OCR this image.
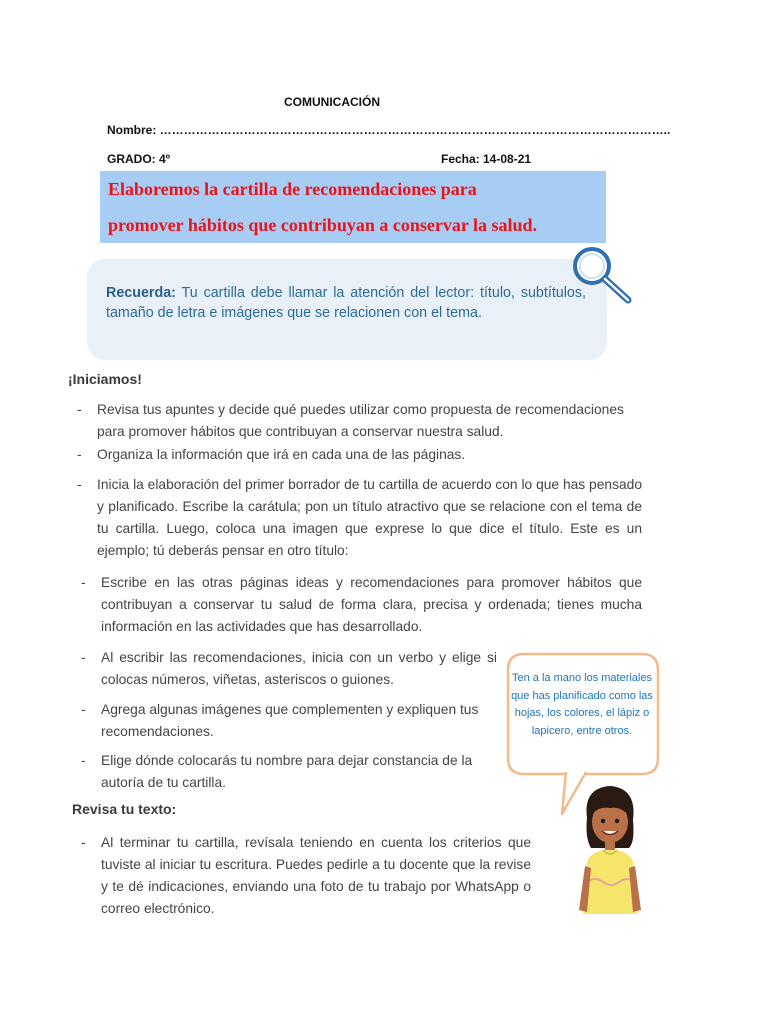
COMUNICACIÓN
Nombre: ………………………………………………………………………………………………………………..
GRADO: 4º	Fecha: 14-08-21
Elaboremos la cartilla de recomendaciones para
promover hábitos que contribuyan a conservar la salud.
Recuerda: Tu cartilla debe llamar la atención del lector: título, subtítulos, tamaño de letra e imágenes que se relacionen con el tema.
¡Iniciamos!
- Revisa tus apuntes y decide qué puedes utilizar como propuesta de recomendaciones para promover hábitos que contribuyan a conservar nuestra salud.
- Organiza la información que irá en cada una de las páginas.
- Inicia la elaboración del primer borrador de tu cartilla de acuerdo con lo que has pensado y planificado. Escribe la carátula; pon un título atractivo que se relacione con el tema de tu cartilla. Luego, coloca una imagen que exprese lo que dice el título. Este es un ejemplo; tú deberás pensar en otro título:
- Escribe en las otras páginas ideas y recomendaciones para promover hábitos que contribuyan a conservar tu salud de forma clara, precisa y ordenada; tienes mucha información en las actividades que has desarrollado.
- Al escribir las recomendaciones, inicia con un verbo y elige si colocas números, viñetas, asteriscos o guiones.
- Agrega algunas imágenes que complementen y expliquen tus recomendaciones.
- Elige dónde colocarás tu nombre para dejar constancia de la autoría de tu cartilla.
Revisa tu texto:
- Al terminar tu cartilla, revísala teniendo en cuenta los criterios que tuviste al iniciar tu escritura. Puedes pedirle a tu docente que la revise y te dé indicaciones, enviando una foto de tu trabajo por WhatsApp o correo electrónico.
Ten a la mano los materiales que has planificado como las hojas, los colores, el lápiz o lapicero, entre otros.
